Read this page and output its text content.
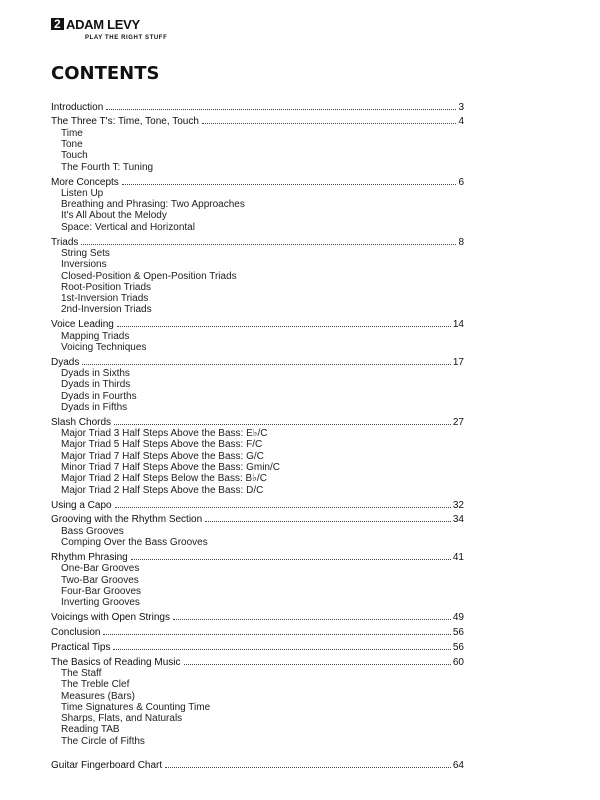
2 ADAM LEVY
PLAY THE RIGHT STUFF
CONTENTS
Introduction	3
The Three T's: Time, Tone, Touch	4
Time
Tone
Touch
The Fourth T: Tuning
More Concepts	6
Listen Up
Breathing and Phrasing: Two Approaches
It's All About the Melody
Space: Vertical and Horizontal
Triads	8
String Sets
Inversions
Closed-Position & Open-Position Triads
Root-Position Triads
1st-Inversion Triads
2nd-Inversion Triads
Voice Leading	14
Mapping Triads
Voicing Techniques
Dyads	17
Dyads in Sixths
Dyads in Thirds
Dyads in Fourths
Dyads in Fifths
Slash Chords	27
Major Triad 3 Half Steps Above the Bass: E♭/C
Major Triad 5 Half Steps Above the Bass: F/C
Major Triad 7 Half Steps Above the Bass: G/C
Minor Triad 7 Half Steps Above the Bass: Gmin/C
Major Triad 2 Half Steps Below the Bass: B♭/C
Major Triad 2 Half Steps Above the Bass: D/C
Using a Capo	32
Grooving with the Rhythm Section	34
Bass Grooves
Comping Over the Bass Grooves
Rhythm Phrasing	41
One-Bar Grooves
Two-Bar Grooves
Four-Bar Grooves
Inverting Grooves
Voicings with Open Strings	49
Conclusion	56
Practical Tips	56
The Basics of Reading Music	60
The Staff
The Treble Clef
Measures (Bars)
Time Signatures & Counting Time
Sharps, Flats, and Naturals
Reading TAB
The Circle of Fifths
Guitar Fingerboard Chart	64
